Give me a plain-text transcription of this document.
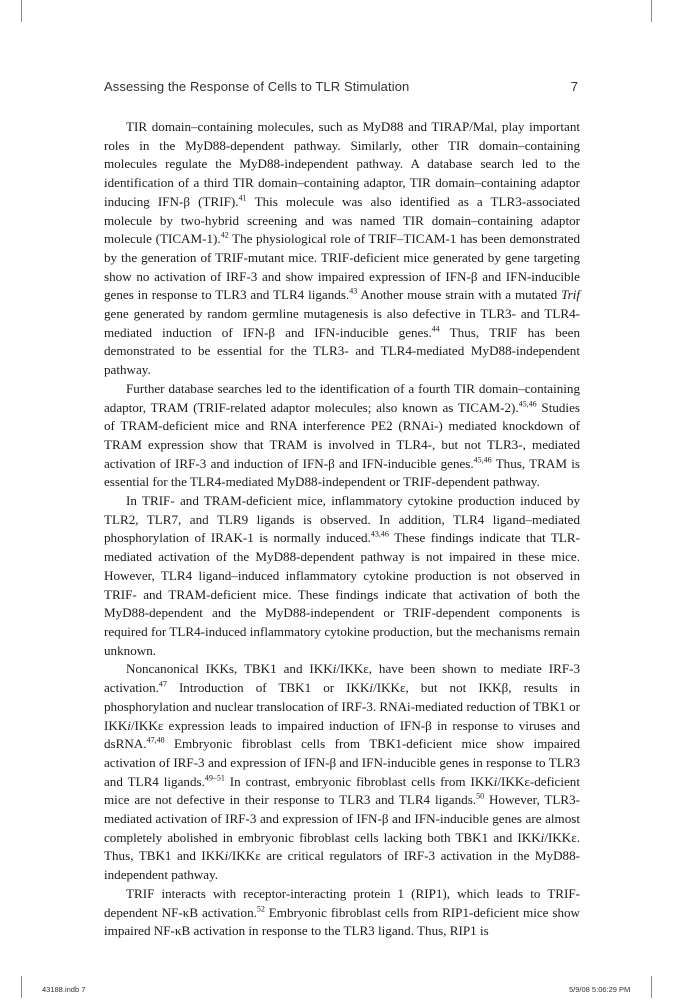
Assessing the Response of Cells to TLR Stimulation	7

TIR domain–containing molecules, such as MyD88 and TIRAP/Mal, play important roles in the MyD88-dependent pathway. Similarly, other TIR domain–containing molecules regulate the MyD88-independent pathway. A database search led to the identification of a third TIR domain–containing adaptor, TIR domain–containing adaptor inducing IFN-β (TRIF).$^{41}$ This molecule was also identified as a TLR3-associated molecule by two-hybrid screening and was named TIR domain–containing adaptor molecule (TICAM-1).$^{42}$ The physiological role of TRIF–TICAM-1 has been demonstrated by the generation of TRIF-mutant mice. TRIF-deficient mice generated by gene targeting show no activation of IRF-3 and show impaired expression of IFN-β and IFN-inducible genes in response to TLR3 and TLR4 ligands.$^{43}$ Another mouse strain with a mutated Trif gene generated by random germline mutagenesis is also defective in TLR3- and TLR4-mediated induction of IFN-β and IFN-inducible genes.$^{44}$ Thus, TRIF has been demonstrated to be essential for the TLR3- and TLR4-mediated MyD88-independent pathway.

Further database searches led to the identification of a fourth TIR domain–containing adaptor, TRAM (TRIF-related adaptor molecules; also known as TICAM-2).$^{45,46}$ Studies of TRAM-deficient mice and RNA interference PE2 (RNAi-) mediated knockdown of TRAM expression show that TRAM is involved in TLR4-, but not TLR3-, mediated activation of IRF-3 and induction of IFN-β and IFN-inducible genes.$^{45,46}$ Thus, TRAM is essential for the TLR4-mediated MyD88-independent or TRIF-dependent pathway.

In TRIF- and TRAM-deficient mice, inflammatory cytokine production induced by TLR2, TLR7, and TLR9 ligands is observed. In addition, TLR4 ligand–mediated phosphorylation of IRAK-1 is normally induced.$^{43,46}$ These findings indicate that TLR-mediated activation of the MyD88-dependent pathway is not impaired in these mice. However, TLR4 ligand–induced inflammatory cytokine production is not observed in TRIF- and TRAM-deficient mice. These findings indicate that activation of both the MyD88-dependent and the MyD88-independent or TRIF-dependent components is required for TLR4-induced inflammatory cytokine production, but the mechanisms remain unknown.

Noncanonical IKKs, TBK1 and IKKi/IKKε, have been shown to mediate IRF-3 activation.$^{47}$ Introduction of TBK1 or IKKi/IKKε, but not IKKβ, results in phosphorylation and nuclear translocation of IRF-3. RNAi-mediated reduction of TBK1 or IKKi/IKKε expression leads to impaired induction of IFN-β in response to viruses and dsRNA.$^{47,48}$ Embryonic fibroblast cells from TBK1-deficient mice show impaired activation of IRF-3 and expression of IFN-β and IFN-inducible genes in response to TLR3 and TLR4 ligands.$^{49-51}$ In contrast, embryonic fibroblast cells from IKKi/IKKε-deficient mice are not defective in their response to TLR3 and TLR4 ligands.$^{50}$ However, TLR3-mediated activation of IRF-3 and expression of IFN-β and IFN-inducible genes are almost completely abolished in embryonic fibroblast cells lacking both TBK1 and IKKi/IKKε. Thus, TBK1 and IKKi/IKKε are critical regulators of IRF-3 activation in the MyD88-independent pathway.

TRIF interacts with receptor-interacting protein 1 (RIP1), which leads to TRIF-dependent NF-κB activation.$^{52}$ Embryonic fibroblast cells from RIP1-deficient mice show impaired NF-κB activation in response to the TLR3 ligand. Thus, RIP1 is

43188.indb 7	5/9/08 5:06:29 PM
